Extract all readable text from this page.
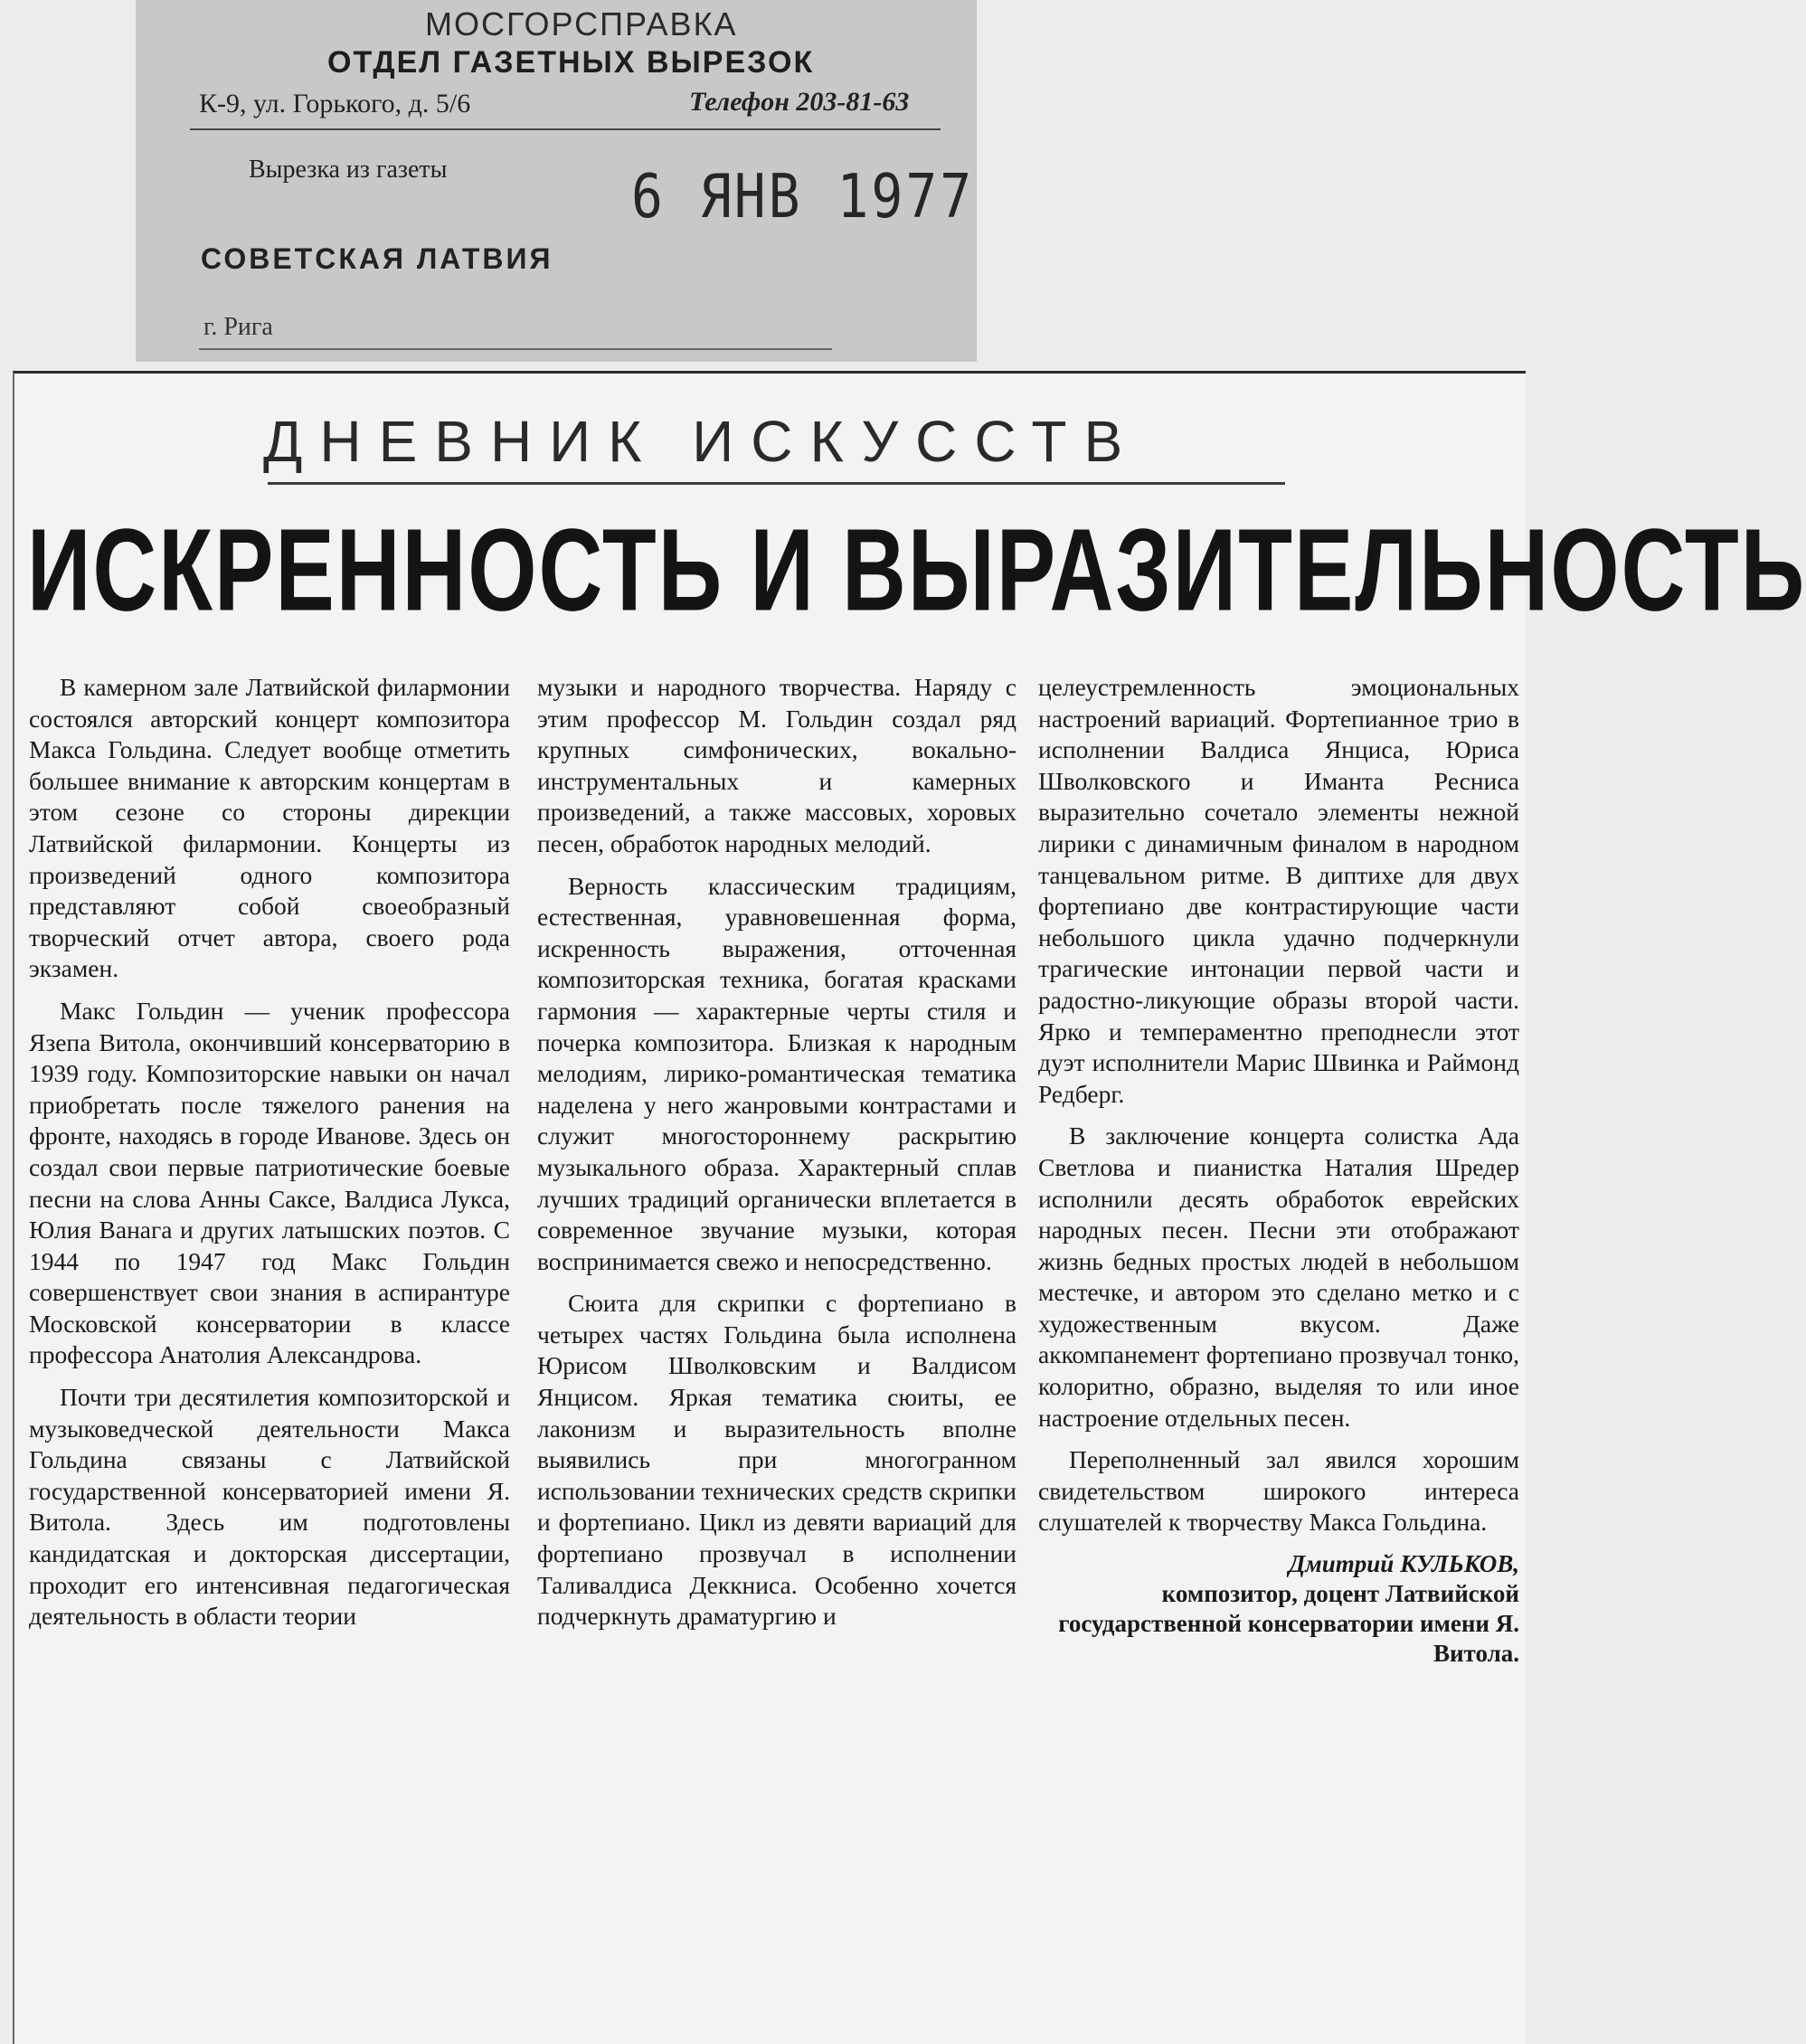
МОСГОРСПРАВКА

ОТДЕЛ ГАЗЕТНЫХ ВЫРЕЗОК

К-9, ул. Горького, д. 5/6	Телефон 203-81-63

Вырезка из газеты	6 ЯНВ 1977

СОВЕТСКАЯ ЛАТВИЯ

г. Рига

ДНЕВНИК ИСКУССТВ
ИСКРЕННОСТЬ И ВЫРАЗИТЕЛЬНОСТЬ

В камерном зале Латвийской филармонии состоялся авторский концерт композитора Макса Гольдина. Следует вообще отметить большее внимание к авторским концертам в этом сезоне со стороны дирекции Латвийской филармонии. Концерты из произведений одного композитора представляют собой своеобразный творческий отчет автора, своего рода экзамен.

Макс Гольдин — ученик профессора Язепа Витола, окончивший консерваторию в 1939 году. Композиторские навыки он начал приобретать после тяжелого ранения на фронте, находясь в городе Иванове. Здесь он создал свои первые патриотические боевые песни на слова Анны Саксе, Валдиса Лукса, Юлия Ванага и других латышских поэтов. С 1944 по 1947 год Макс Гольдин совершенствует свои знания в аспирантуре Московской консерватории в классе профессора Анатолия Александрова.

Почти три десятилетия композиторской и музыковедческой деятельности Макса Гольдина связаны с Латвийской государственной консерваторией имени Я. Витола. Здесь им подготовлены кандидатская и докторская диссертации, проходит его интенсивная педагогическая деятельность в области теории

музыки и народного творчества. Наряду с этим профессор М. Гольдин создал ряд крупных симфонических, вокально-инструментальных и камерных произведений, а также массовых, хоровых песен, обработок народных мелодий.

Верность классическим традициям, естественная, уравновешенная форма, искренность выражения, отточенная композиторская техника, богатая красками гармония — характерные черты стиля и почерка композитора. Близкая к народным мелодиям, лирико-романтическая тематика наделена у него жанровыми контрастами и служит многостороннему раскрытию музыкального образа. Характерный сплав лучших традиций органически вплетается в современное звучание музыки, которая воспринимается свежо и непосредственно.

Сюита для скрипки с фортепиано в четырех частях Гольдина была исполнена Юрисом Шволковским и Валдисом Янцисом. Яркая тематика сюиты, ее лаконизм и выразительность вполне выявились при многогранном использовании технических средств скрипки и фортепиано. Цикл из девяти вариаций для фортепиано прозвучал в исполнении Таливалдиса Деккниса. Особенно хочется подчеркнуть драматургию и

целеустремленность эмоциональных настроений вариаций. Фортепианное трио в исполнении Валдиса Янциса, Юриса Шволковского и Иманта Ресниса выразительно сочетало элементы нежной лирики с динамичным финалом в народном танцевальном ритме. В диптихе для двух фортепиано две контрастирующие части небольшого цикла удачно подчеркнули трагические интонации первой части и радостно-ликующие образы второй части. Ярко и темпераментно преподнесли этот дуэт исполнители Марис Швинка и Раймонд Редберг.

В заключение концерта солистка Ада Светлова и пианистка Наталия Шредер исполнили десять обработок еврейских народных песен. Песни эти отображают жизнь бедных простых людей в небольшом местечке, и автором это сделано метко и с художественным вкусом. Даже аккомпанемент фортепиано прозвучал тонко, колоритно, образно, выделяя то или иное настроение отдельных песен.

Переполненный зал явился хорошим свидетельством широкого интереса слушателей к творчеству Макса Гольдина.

Дмитрий КУЛЬКОВ,
композитор, доцент Латвийской государственной консерватории имени Я. Витола.
